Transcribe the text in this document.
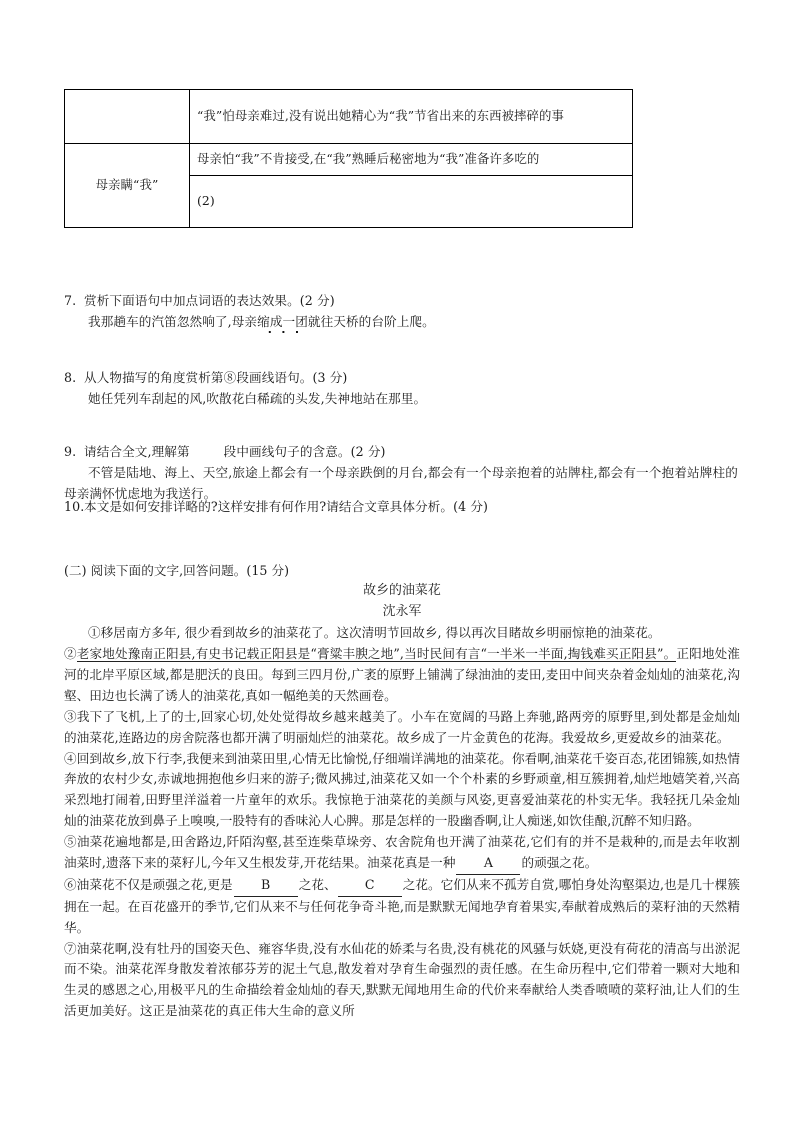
	“我”怕母亲难过,没有说出她精心为“我”节省出来的东西被摔碎的事
母亲瞒“我”	母亲怕“我”不肯接受,在“我”熟睡后秘密地为“我”准备许多吃的
	(2)
7. 赏析下面语句中加点词语的表达效果。(2 分)
我那趟车的汽笛忽然响了,母亲缩成一团就往天桥的台阶上爬。
8. 从人物描写的角度赏析第⑧段画线语句。(3 分)
她任凭列车刮起的风,吹散花白稀疏的头发,失神地站在那里。
9. 请结合全文,理解第	段中画线句子的含意。(2 分)
不管是陆地、海上、天空,旅途上都会有一个母亲跌倒的月台,都会有一个母亲抱着的站牌柱,都会有一个抱着站牌柱的母亲满怀忧虑地为我送行。
10.本文是如何安排详略的?这样安排有何作用?请结合文章具体分析。(4 分)
(二) 阅读下面的文字,回答问题。(15 分)
故乡的油菜花
沈永军

①移居南方多年, 很少看到故乡的油菜花了。这次清明节回故乡, 得以再次目睹故乡明丽惊艳的油菜花。

②老家地处豫南正阳县,有史书记载正阳县是“膏粱丰腴之地”,当时民间有言“一半米一半面,掏钱难买正阳县”。正阳地处淮河的北岸平原区域,都是肥沃的良田。每到三四月份,广袤的原野上铺满了绿油油的麦田,麦田中间夹杂着金灿灿的油菜花,沟壑、田边也长满了诱人的油菜花,真如一幅绝美的天然画卷。

③我下了飞机,上了的士,回家心切,处处觉得故乡越来越美了。小车在宽阔的马路上奔驰,路两旁的原野里,到处都是金灿灿的油菜花,连路边的房舍院落也都开满了明丽灿烂的油菜花。故乡成了一片金黄色的花海。我爱故乡,更爱故乡的油菜花。

④回到故乡,放下行李,我便来到油菜田里,心情无比愉悦,仔细端详满地的油菜花。你看啊,油菜花千姿百态,花团锦簇,如热情奔放的农村少女,赤诚地拥抱他乡归来的游子;微风拂过,油菜花又如一个个朴素的乡野顽童,相互簇拥着,灿烂地嬉笑着,兴高采烈地打闹着,田野里洋溢着一片童年的欢乐。我惊艳于油菜花的美颜与风姿,更喜爱油菜花的朴实无华。我轻抚几朵金灿灿的油菜花放到鼻子上嗅嗅,一股特有的香味沁人心脾。那是怎样的一股幽香啊,让人痴迷,如饮佳酿,沉醉不知归路。

⑤油菜花遍地都是,田舍路边,阡陌沟壑,甚至连柴草垛旁、农舍院角也开满了油菜花,它们有的并不是栽种的,而是去年收割油菜时,遗落下来的菜籽儿,今年又生根发芽,开花结果。油菜花真是一种 A 的顽强之花。

⑥油菜花不仅是顽强之花,更是 B 之花、 C 之花。它们从来不孤芳自赏,哪怕身处沟壑渠边,也是几十棵簇拥在一起。在百花盛开的季节,它们从来不与任何花争奇斗艳,而是默默无闻地孕育着果实,奉献着成熟后的菜籽油的天然精华。

⑦油菜花啊,没有牡丹的国姿天色、雍容华贵,没有水仙花的娇柔与名贵,没有桃花的风骚与妖娆,更没有荷花的清高与出淤泥而不染。油菜花浑身散发着浓郁芬芳的泥土气息,散发着对孕育生命强烈的责任感。在生命历程中,它们带着一颗对大地和生灵的感恩之心,用极平凡的生命描绘着金灿灿的春天,默默无闻地用生命的代价来奉献给人类香喷喷的菜籽油,让人们的生活更加美好。这正是油菜花的真正伟大生命的意义所
